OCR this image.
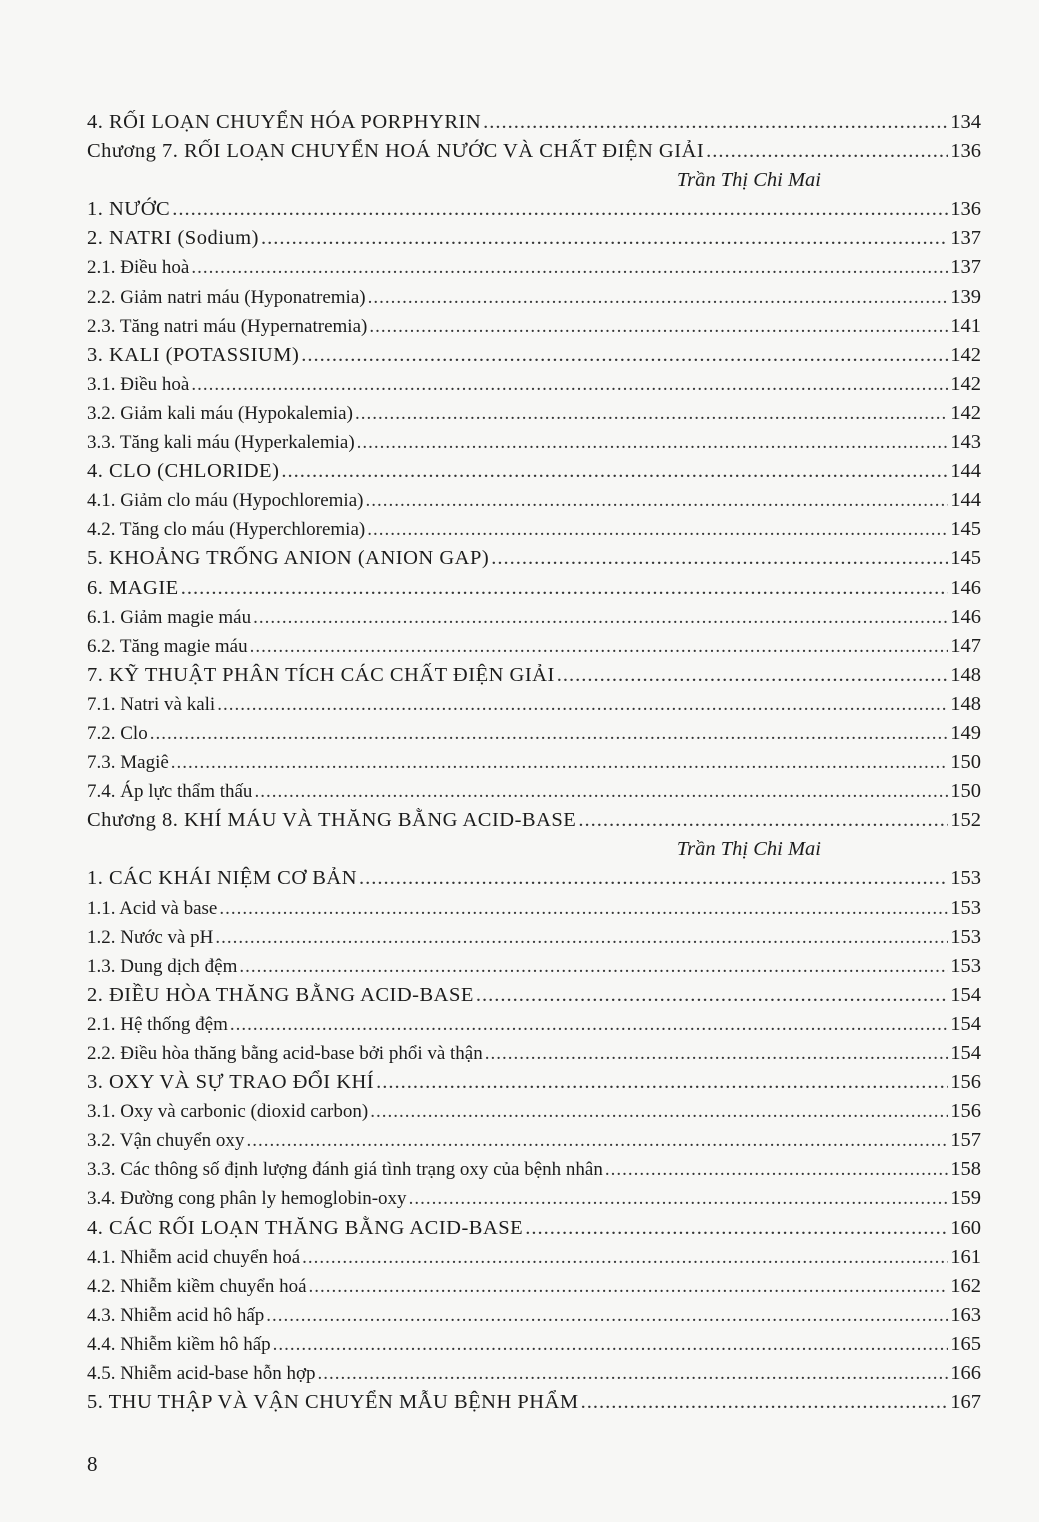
4. RỐI LOẠN CHUYỂN HÓA PORPHYRIN .....	134
Chương 7. RỐI LOẠN CHUYỂN HOÁ NƯỚC VÀ CHẤT ĐIỆN GIẢI .....	136
Trần Thị Chi Mai
1. NƯỚC .....	136
2. NATRI (Sodium) .....	137
2.1. Điều hoà .....	137
2.2. Giảm natri máu (Hyponatremia) .....	139
2.3. Tăng natri máu (Hypernatremia) .....	141
3. KALI (POTASSIUM) .....	142
3.1. Điều hoà .....	142
3.2. Giảm kali máu (Hypokalemia) .....	142
3.3. Tăng kali máu (Hyperkalemia) .....	143
4. CLO (CHLORIDE) .....	144
4.1. Giảm clo máu (Hypochloremia) .....	144
4.2. Tăng clo máu (Hyperchloremia) .....	145
5. KHOẢNG TRỐNG ANION (ANION GAP) .....	145
6. MAGIE .....	146
6.1. Giảm magie máu .....	146
6.2. Tăng magie máu .....	147
7. KỸ THUẬT PHÂN TÍCH CÁC CHẤT ĐIỆN GIẢI .....	148
7.1. Natri và kali .....	148
7.2. Clo .....	149
7.3. Magiê .....	150
7.4. Áp lực thẩm thấu .....	150
Chương 8. KHÍ MÁU VÀ THĂNG BẰNG ACID-BASE .....	152
Trần Thị Chi Mai
1. CÁC KHÁI NIỆM CƠ BẢN .....	153
1.1. Acid và base .....	153
1.2. Nước và pH .....	153
1.3. Dung dịch đệm .....	153
2. ĐIỀU HÒA THĂNG BẰNG ACID-BASE .....	154
2.1. Hệ thống đệm .....	154
2.2. Điều hòa thăng bằng acid-base bởi phổi và thận .....	154
3. OXY VÀ SỰ TRAO ĐỔI KHÍ .....	156
3.1. Oxy và carbonic (dioxid carbon) .....	156
3.2. Vận chuyển oxy .....	157
3.3. Các thông số định lượng đánh giá tình trạng oxy của bệnh nhân .....	158
3.4. Đường cong phân ly hemoglobin-oxy .....	159
4. CÁC RỐI LOẠN THĂNG BẰNG ACID-BASE .....	160
4.1. Nhiễm acid chuyển hoá .....	161
4.2. Nhiễm kiềm chuyển hoá .....	162
4.3. Nhiễm acid hô hấp .....	163
4.4. Nhiễm kiềm hô hấp .....	165
4.5. Nhiễm acid-base hỗn hợp .....	166
5. THU THẬP VÀ VẬN CHUYỂN MẪU BỆNH PHẨM .....	167
8
